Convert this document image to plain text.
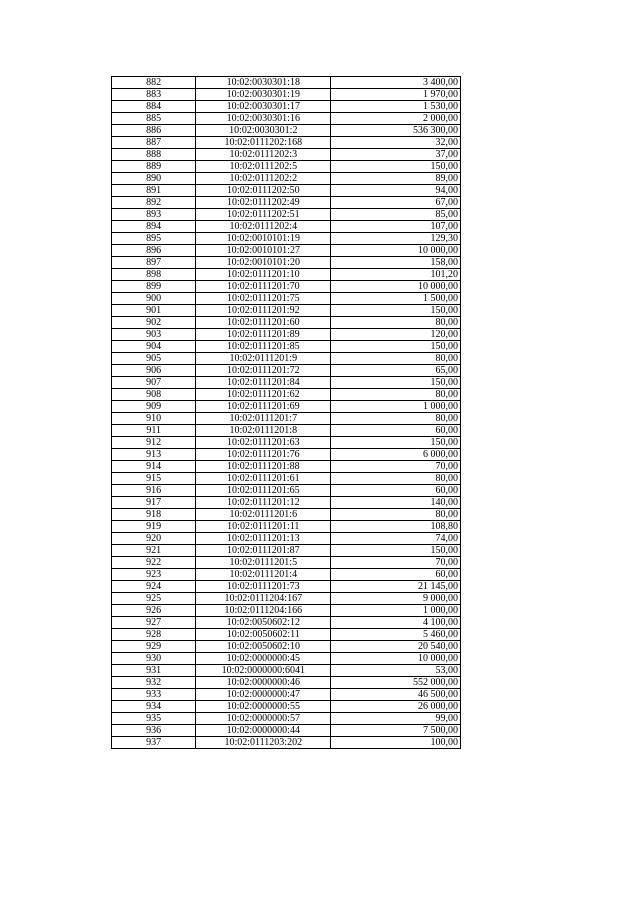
882	10:02:0030301:18	3 400,00
883	10:02:0030301:19	1 970,00
884	10:02:0030301:17	1 530,00
885	10:02:0030301:16	2 000,00
886	10:02:0030301:2	536 300,00
887	10:02:0111202:168	32,00
888	10:02:0111202:3	37,00
889	10:02:0111202:5	150,00
890	10:02:0111202:2	89,00
891	10:02:0111202:50	94,00
892	10:02:0111202:49	67,00
893	10:02:0111202:51	85,00
894	10:02:0111202:4	107,00
895	10:02:0010101:19	129,30
896	10:02:0010101:27	10 000,00
897	10:02:0010101:20	158,00
898	10:02:0111201:10	101,20
899	10:02:0111201:70	10 000,00
900	10:02:0111201:75	1 500,00
901	10:02:0111201:92	150,00
902	10:02:0111201:60	80,00
903	10:02:0111201:89	120,00
904	10:02:0111201:85	150,00
905	10:02:0111201:9	80,00
906	10:02:0111201:72	65,00
907	10:02:0111201:84	150,00
908	10:02:0111201:62	80,00
909	10:02:0111201:69	1 000,00
910	10:02:0111201:7	80,00
911	10:02:0111201:8	60,00
912	10:02:0111201:63	150,00
913	10:02:0111201:76	6 000,00
914	10:02:0111201:88	70,00
915	10:02:0111201:61	80,00
916	10:02:0111201:65	60,00
917	10:02:0111201:12	140,00
918	10:02:0111201:6	80,00
919	10:02:0111201:11	108,80
920	10:02:0111201:13	74,00
921	10:02:0111201:87	150,00
922	10:02:0111201:5	70,00
923	10:02:0111201:4	60,00
924	10:02:0111201:73	21 145,00
925	10:02:0111204:167	9 000,00
926	10:02:0111204:166	1 000,00
927	10:02:0050602:12	4 100,00
928	10:02:0050602:11	5 460,00
929	10:02:0050602:10	20 540,00
930	10:02:0000000:45	10 000,00
931	10:02:0000000:6041	53,00
932	10:02:0000000:46	552 000,00
933	10:02:0000000:47	46 500,00
934	10:02:0000000:55	26 000,00
935	10:02:0000000:57	99,00
936	10:02:0000000:44	7 500,00
937	10:02:0111203:202	100,00
